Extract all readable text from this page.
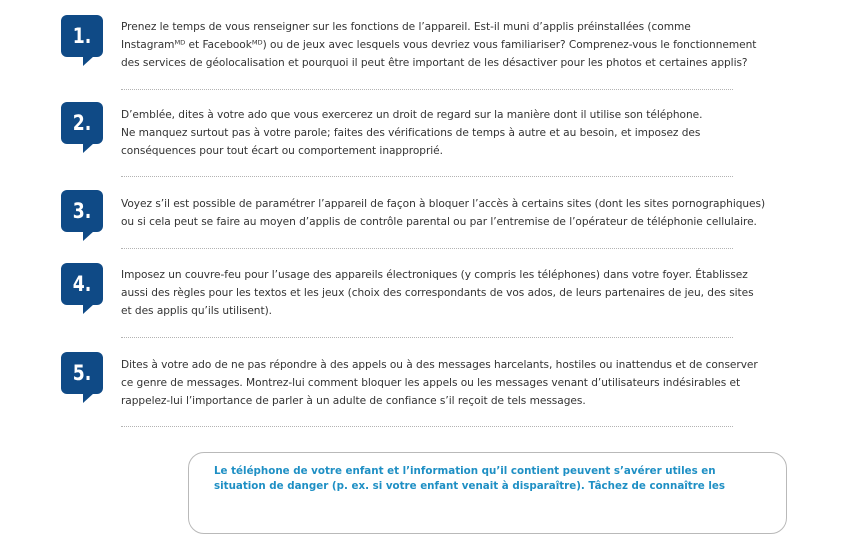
1.	Prenez le temps de vous renseigner sur les fonctions de l’appareil. Est-il muni d’applis préinstallées (comme

Instagramᴹᴰ et Facebookᴹᴰ) ou de jeux avec lesquels vous devriez vous familiariser? Comprenez-vous le fonctionnement

des services de géolocalisation et pourquoi il peut être important de les désactiver pour les photos et certaines applis?

2.	D’emblée, dites à votre ado que vous exercerez un droit de regard sur la manière dont il utilise son téléphone.

Ne manquez surtout pas à votre parole; faites des vérifications de temps à autre et au besoin, et imposez des

conséquences pour tout écart ou comportement inapproprié.

3.	Voyez s’il est possible de paramétrer l’appareil de façon à bloquer l’accès à certains sites (dont les sites pornographiques)

ou si cela peut se faire au moyen d’applis de contrôle parental ou par l’entremise de l’opérateur de téléphonie cellulaire.

4.	Imposez un couvre-feu pour l’usage des appareils électroniques (y compris les téléphones) dans votre foyer. Établissez

aussi des règles pour les textos et les jeux (choix des correspondants de vos ados, de leurs partenaires de jeu, des sites

et des applis qu’ils utilisent).

5.	Dites à votre ado de ne pas répondre à des appels ou à des messages harcelants, hostiles ou inattendus et de conserver

ce genre de messages. Montrez-lui comment bloquer les appels ou les messages venant d’utilisateurs indésirables et

rappelez-lui l’importance de parler à un adulte de confiance s’il reçoit de tels messages.

Le téléphone de votre enfant et l’information qu’il contient peuvent s’avérer utiles en
situation de danger (p. ex. si votre enfant venait à disparaître). Tâchez de connaître les
